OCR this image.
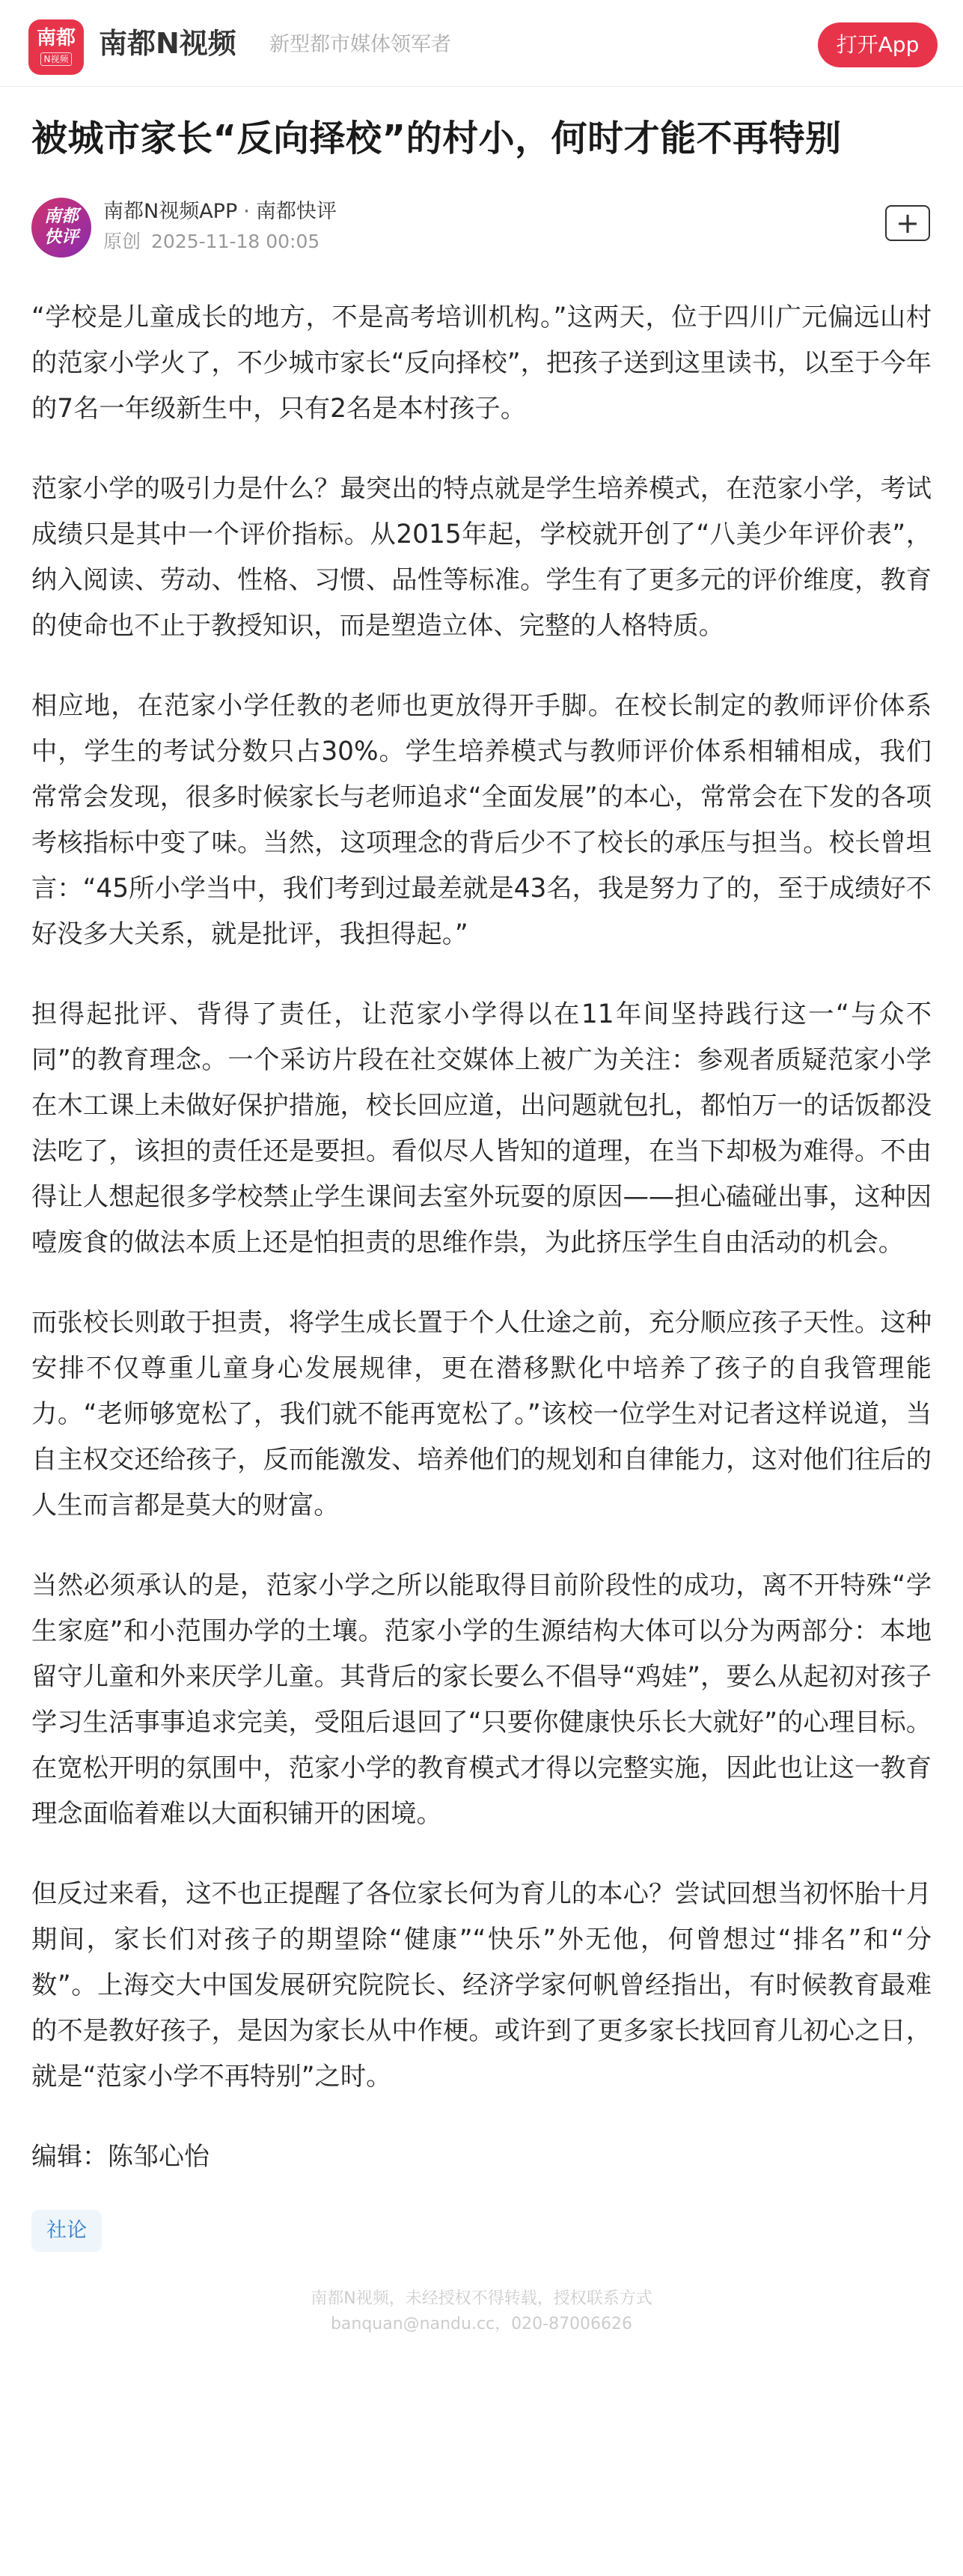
南都
N视频	南都N视频 新型都市媒体领军者	打开App
被城市家长“反向择校”的村小，何时才能不再特别
南都
快评
南都N视频APP · 南都快评
原创 2025-11-18 00:05
+

“学校是儿童成长的地方，不是高考培训机构。”这两天，位于四川广元偏远山村的范家小学火了，不少城市家长“反向择校”，把孩子送到这里读书，以至于今年的7名一年级新生中，只有2名是本村孩子。

范家小学的吸引力是什么？最突出的特点就是学生培养模式，在范家小学，考试成绩只是其中一个评价指标。从2015年起，学校就开创了“八美少年评价表”，纳入阅读、劳动、性格、习惯、品性等标准。学生有了更多元的评价维度，教育的使命也不止于教授知识，而是塑造立体、完整的人格特质。

相应地，在范家小学任教的老师也更放得开手脚。在校长制定的教师评价体系中，学生的考试分数只占30%。学生培养模式与教师评价体系相辅相成，我们常常会发现，很多时候家长与老师追求“全面发展”的本心，常常会在下发的各项考核指标中变了味。当然，这项理念的背后少不了校长的承压与担当。校长曾坦言：“45所小学当中，我们考到过最差就是43名，我是努力了的，至于成绩好不好没多大关系，就是批评，我担得起。”

担得起批评、背得了责任，让范家小学得以在11年间坚持践行这一“与众不同”的教育理念。一个采访片段在社交媒体上被广为关注：参观者质疑范家小学在木工课上未做好保护措施，校长回应道，出问题就包扎，都怕万一的话饭都没法吃了，该担的责任还是要担。看似尽人皆知的道理，在当下却极为难得。不由得让人想起很多学校禁止学生课间去室外玩耍的原因——担心磕碰出事，这种因噎废食的做法本质上还是怕担责的思维作祟，为此挤压学生自由活动的机会。

而张校长则敢于担责，将学生成长置于个人仕途之前，充分顺应孩子天性。这种安排不仅尊重儿童身心发展规律，更在潜移默化中培养了孩子的自我管理能力。“老师够宽松了，我们就不能再宽松了。”该校一位学生对记者这样说道，当自主权交还给孩子，反而能激发、培养他们的规划和自律能力，这对他们往后的人生而言都是莫大的财富。

当然必须承认的是，范家小学之所以能取得目前阶段性的成功，离不开特殊“学生家庭”和小范围办学的土壤。范家小学的生源结构大体可以分为两部分：本地留守儿童和外来厌学儿童。其背后的家长要么不倡导“鸡娃”，要么从起初对孩子学习生活事事追求完美，受阻后退回了“只要你健康快乐长大就好”的心理目标。在宽松开明的氛围中，范家小学的教育模式才得以完整实施，因此也让这一教育理念面临着难以大面积铺开的困境。

但反过来看，这不也正提醒了各位家长何为育儿的本心？尝试回想当初怀胎十月期间，家长们对孩子的期望除“健康”“快乐”外无他，何曾想过“排名”和“分数”。上海交大中国发展研究院院长、经济学家何帆曾经指出，有时候教育最难的不是教好孩子，是因为家长从中作梗。或许到了更多家长找回育儿初心之日，就是“范家小学不再特别”之时。

编辑：陈邹心怡
社论
南都N视频，未经授权不得转载，授权联系方式
banquan@nandu.cc，020-87006626
